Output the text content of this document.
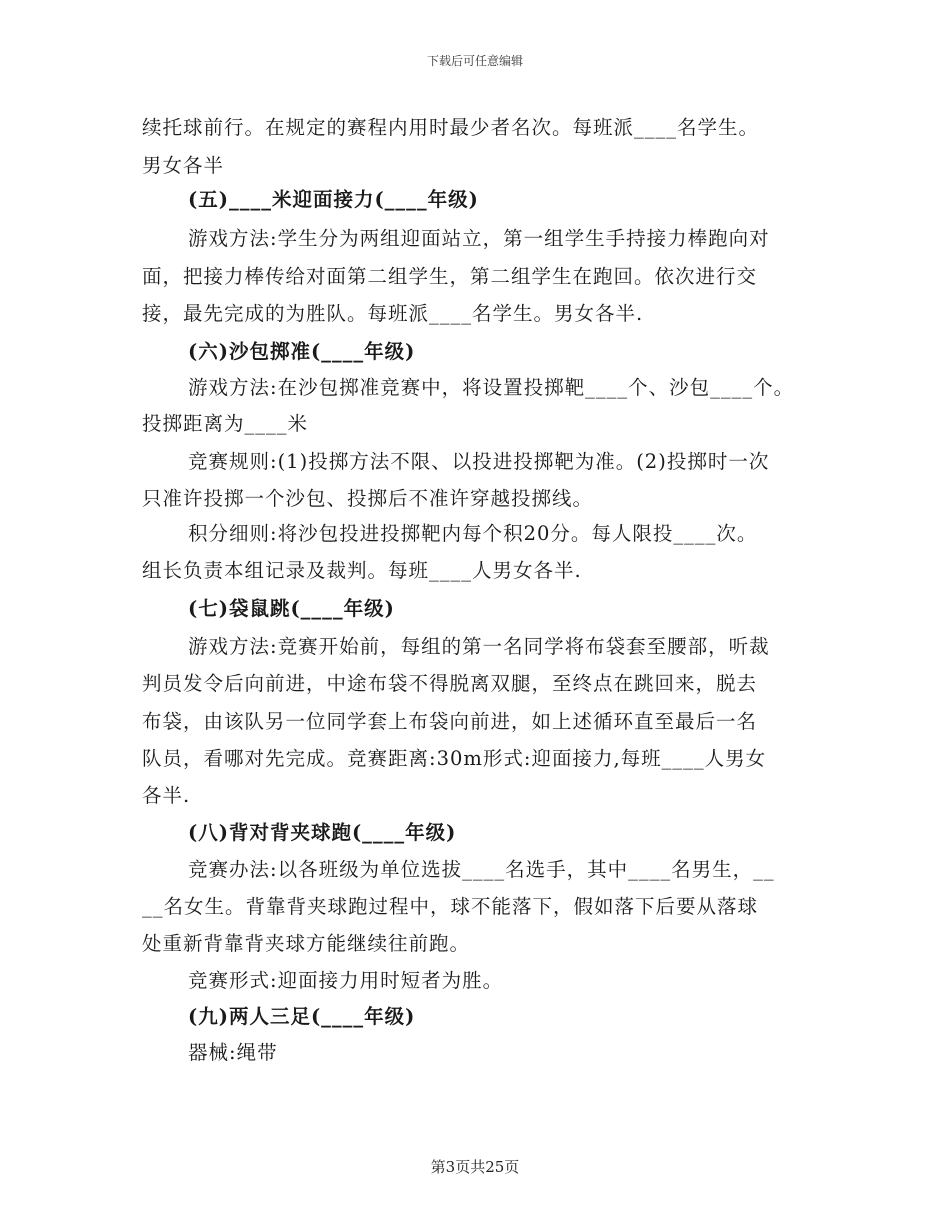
下载后可任意编辑
续托球前行。在规定的赛程内用时最少者名次。每班派____名学生。
男女各半
(五)____米迎面接力(____年级)
游戏方法:学生分为两组迎面站立，第一组学生手持接力棒跑向对
面，把接力棒传给对面第二组学生，第二组学生在跑回。依次进行交
接，最先完成的为胜队。每班派____名学生。男女各半.
(六)沙包掷准(____年级)
游戏方法:在沙包掷准竞赛中，将设置投掷靶____个、沙包____个。
投掷距离为____米
竞赛规则:(1)投掷方法不限、以投进投掷靶为准。(2)投掷时一次
只准许投掷一个沙包、投掷后不准许穿越投掷线。
积分细则:将沙包投进投掷靶内每个积20分。每人限投____次。
组长负责本组记录及裁判。每班____人男女各半.
(七)袋鼠跳(____年级)
游戏方法:竞赛开始前，每组的第一名同学将布袋套至腰部，听裁
判员发令后向前进，中途布袋不得脱离双腿，至终点在跳回来，脱去
布袋，由该队另一位同学套上布袋向前进，如上述循环直至最后一名
队员，看哪对先完成。竞赛距离:30m形式:迎面接力,每班____人男女
各半.
(八)背对背夹球跑(____年级)
竞赛办法:以各班级为单位选拔____名选手，其中____名男生，__
__名女生。背靠背夹球跑过程中，球不能落下，假如落下后要从落球
处重新背靠背夹球方能继续往前跑。
竞赛形式:迎面接力用时短者为胜。
(九)两人三足(____年级)
器械:绳带
第3页共25页
